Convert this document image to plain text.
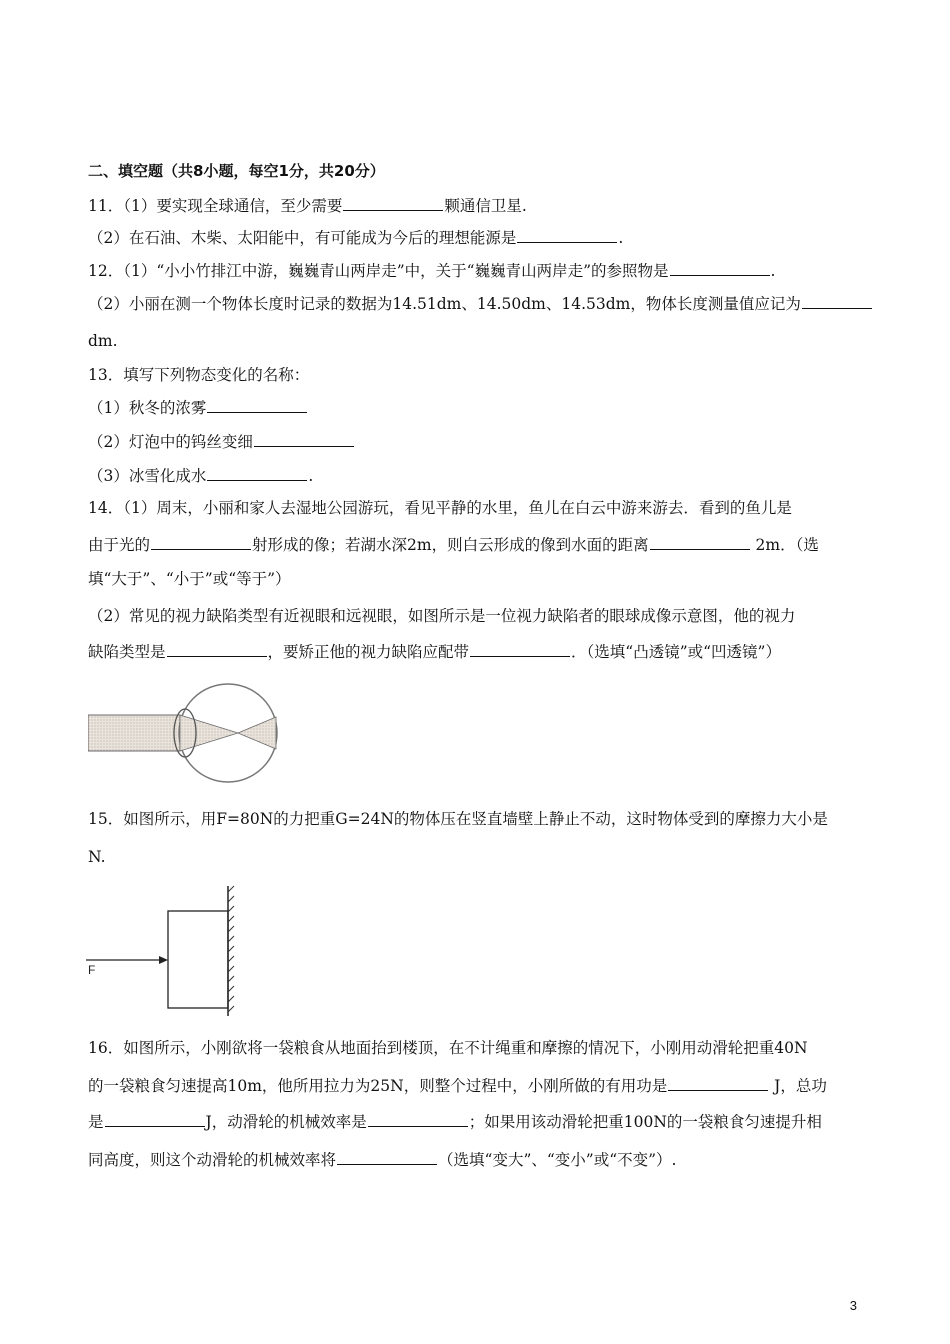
二、填空题（共8小题，每空1分，共20分）
11．（1）要实现全球通信，至少需要	颗通信卫星.
（2）在石油、木柴、太阳能中，有可能成为今后的理想能源是	.
12．（1）“小小竹排江中游，巍巍青山两岸走”中，关于“巍巍青山两岸走”的参照物是	.
（2）小丽在测一个物体长度时记录的数据为14.51dm、14.50dm、14.53dm，物体长度测量值应记为
dm.
13．填写下列物态变化的名称：
（1）秋冬的浓雾
（2）灯泡中的钨丝变细
（3）冰雪化成水	.
14．（1）周末，小丽和家人去湿地公园游玩，看见平静的水里，鱼儿在白云中游来游去．看到的鱼儿是
由于光的	射形成的像；若湖水深2m，则白云形成的像到水面的距离	2m．（选
填“大于”、“小于”或“等于”）
（2）常见的视力缺陷类型有近视眼和远视眼，如图所示是一位视力缺陷者的眼球成像示意图，他的视力
缺陷类型是	，要矫正他的视力缺陷应配带	．（选填“凸透镜”或“凹透镜”）
15．如图所示，用F=80N的力把重G=24N的物体压在竖直墙壁上静止不动，这时物体受到的摩擦力大小是
N.
F
16．如图所示，小刚欲将一袋粮食从地面抬到楼顶，在不计绳重和摩擦的情况下，小刚用动滑轮把重40N
的一袋粮食匀速提高10m，他所用拉力为25N，则整个过程中，小刚所做的有用功是	J，总功
是	J，动滑轮的机械效率是	；如果用该动滑轮把重100N的一袋粮食匀速提升相
同高度，则这个动滑轮的机械效率将	（选填“变大”、“变小”或“不变”）.
3
